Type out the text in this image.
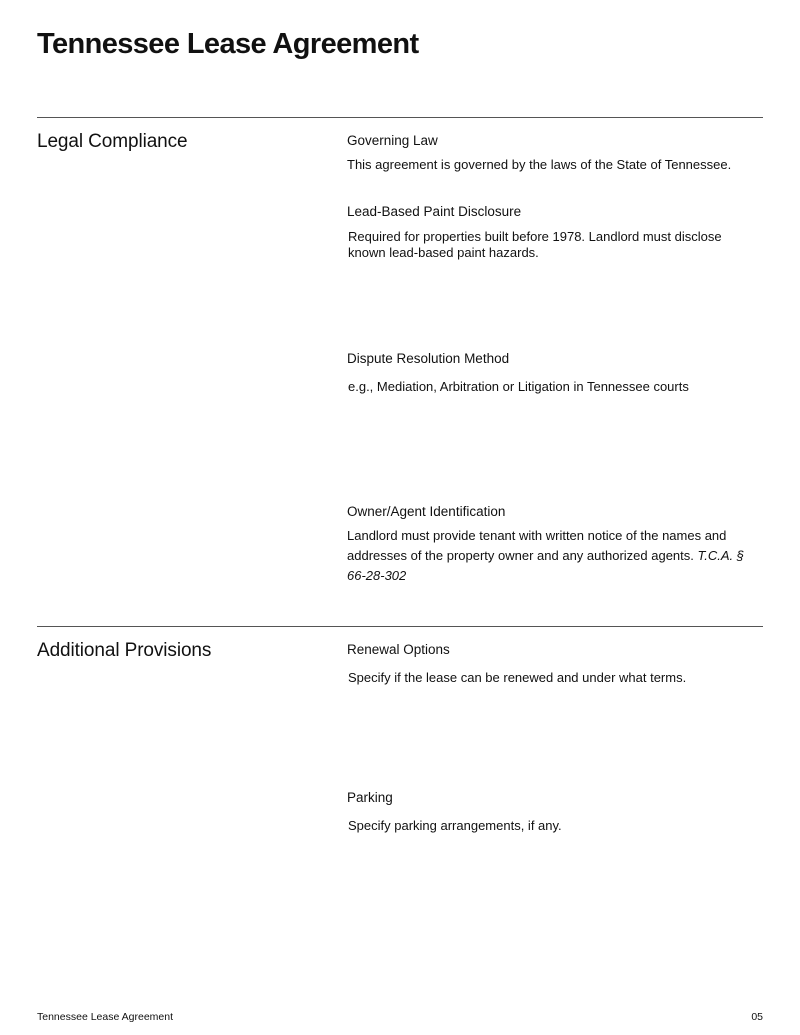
Tennessee Lease Agreement
Legal Compliance	Governing Law

This agreement is governed by the laws of the State of Tennessee.

Lead-Based Paint Disclosure

Required for properties built before 1978. Landlord must disclose known lead-based paint hazards.

Dispute Resolution Method

e.g., Mediation, Arbitration or Litigation in Tennessee courts

Owner/Agent Identification

Landlord must provide tenant with written notice of the names and addresses of the property owner and any authorized agents. T.C.A. § 66-28-302

Additional Provisions	Renewal Options

Specify if the lease can be renewed and under what terms.

Parking

Specify parking arrangements, if any.

Tennessee Lease Agreement	05
